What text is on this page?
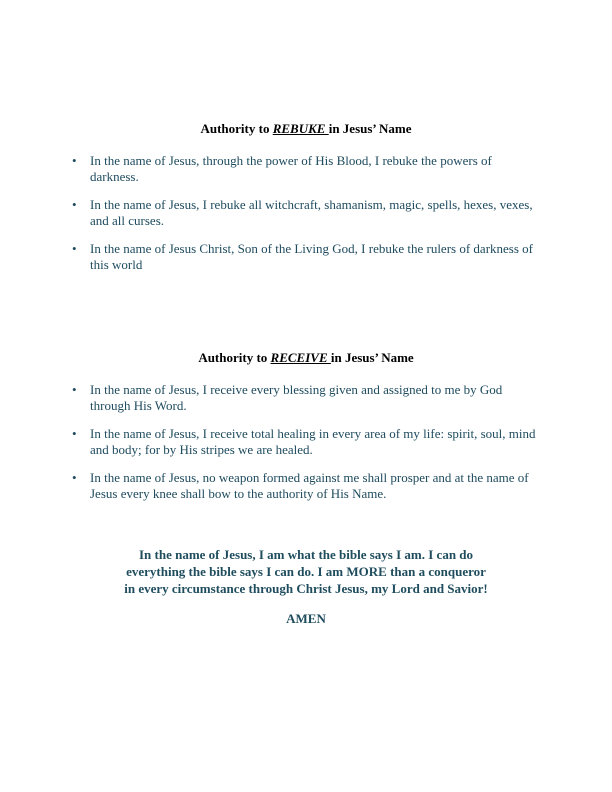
Authority to REBUKE in Jesus’ Name
• In the name of Jesus, through the power of His Blood, I rebuke the powers of darkness.
• In the name of Jesus, I rebuke all witchcraft, shamanism, magic, spells, hexes, vexes, and all curses.
• In the name of Jesus Christ, Son of the Living God, I rebuke the rulers of darkness of this world
Authority to RECEIVE in Jesus’ Name
• In the name of Jesus, I receive every blessing given and assigned to me by God through His Word.
• In the name of Jesus, I receive total healing in every area of my life: spirit, soul, mind and body; for by His stripes we are healed.
• In the name of Jesus, no weapon formed against me shall prosper and at the name of Jesus every knee shall bow to the authority of His Name.
In the name of Jesus, I am what the bible says I am. I can do
everything the bible says I can do. I am MORE than a conqueror
in every circumstance through Christ Jesus, my Lord and Savior!
AMEN
